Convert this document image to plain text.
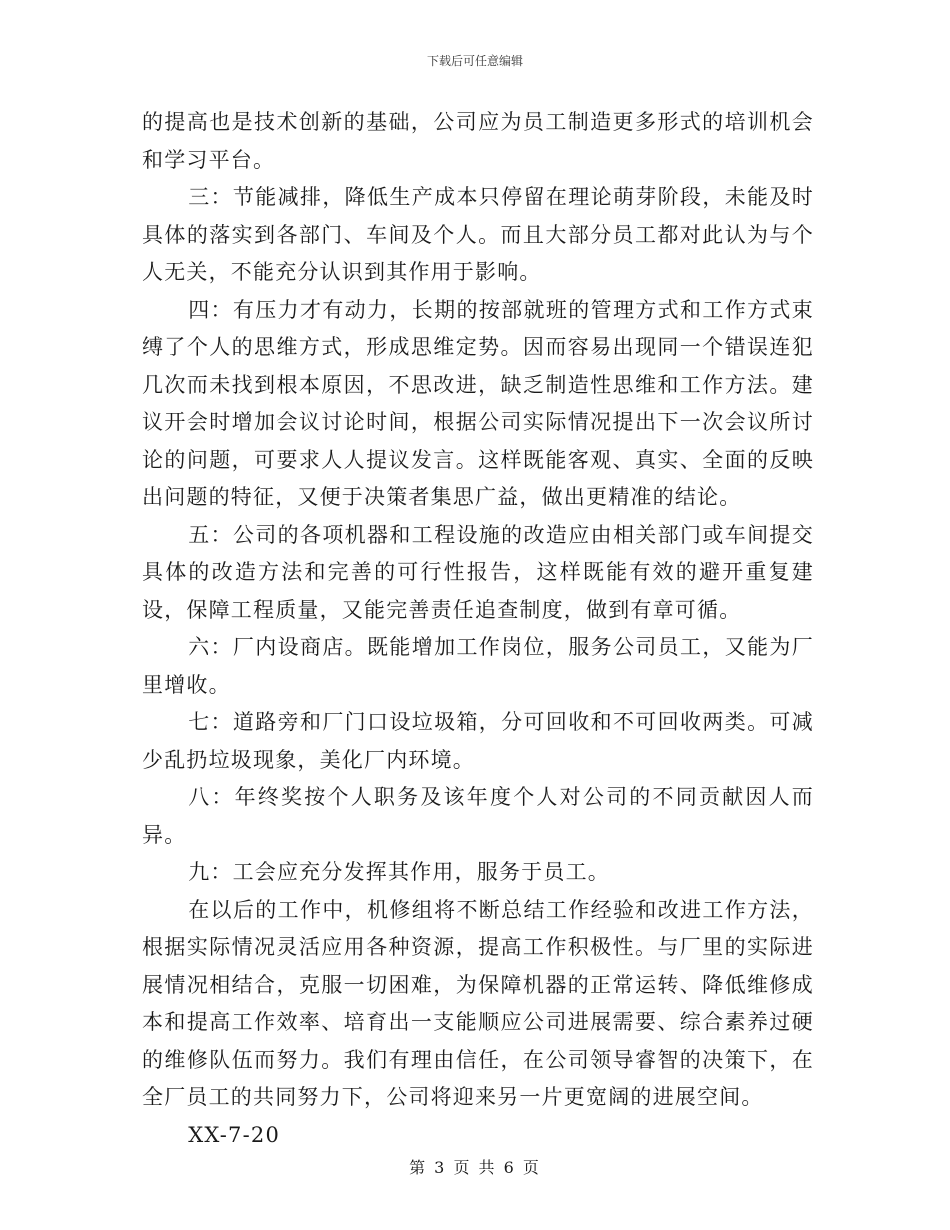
下载后可任意编辑

的提高也是技术创新的基础，公司应为员工制造更多形式的培训机会和学习平台。

三：节能减排，降低生产成本只停留在理论萌芽阶段，未能及时具体的落实到各部门、车间及个人。而且大部分员工都对此认为与个人无关，不能充分认识到其作用于影响。

四：有压力才有动力，长期的按部就班的管理方式和工作方式束缚了个人的思维方式，形成思维定势。因而容易出现同一个错误连犯几次而未找到根本原因，不思改进，缺乏制造性思维和工作方法。建议开会时增加会议讨论时间，根据公司实际情况提出下一次会议所讨论的问题，可要求人人提议发言。这样既能客观、真实、全面的反映出问题的特征，又便于决策者集思广益，做出更精准的结论。

五：公司的各项机器和工程设施的改造应由相关部门或车间提交具体的改造方法和完善的可行性报告，这样既能有效的避开重复建设，保障工程质量，又能完善责任追查制度，做到有章可循。

六：厂内设商店。既能增加工作岗位，服务公司员工，又能为厂里增收。

七：道路旁和厂门口设垃圾箱，分可回收和不可回收两类。可减少乱扔垃圾现象，美化厂内环境。

八：年终奖按个人职务及该年度个人对公司的不同贡献因人而异。

九：工会应充分发挥其作用，服务于员工。

在以后的工作中，机修组将不断总结工作经验和改进工作方法，根据实际情况灵活应用各种资源，提高工作积极性。与厂里的实际进展情况相结合，克服一切困难，为保障机器的正常运转、降低维修成本和提高工作效率、培育出一支能顺应公司进展需要、综合素养过硬的维修队伍而努力。我们有理由信任，在公司领导睿智的决策下，在全厂员工的共同努力下，公司将迎来另一片更宽阔的进展空间。

XX-7-20

第 3 页 共 6 页
